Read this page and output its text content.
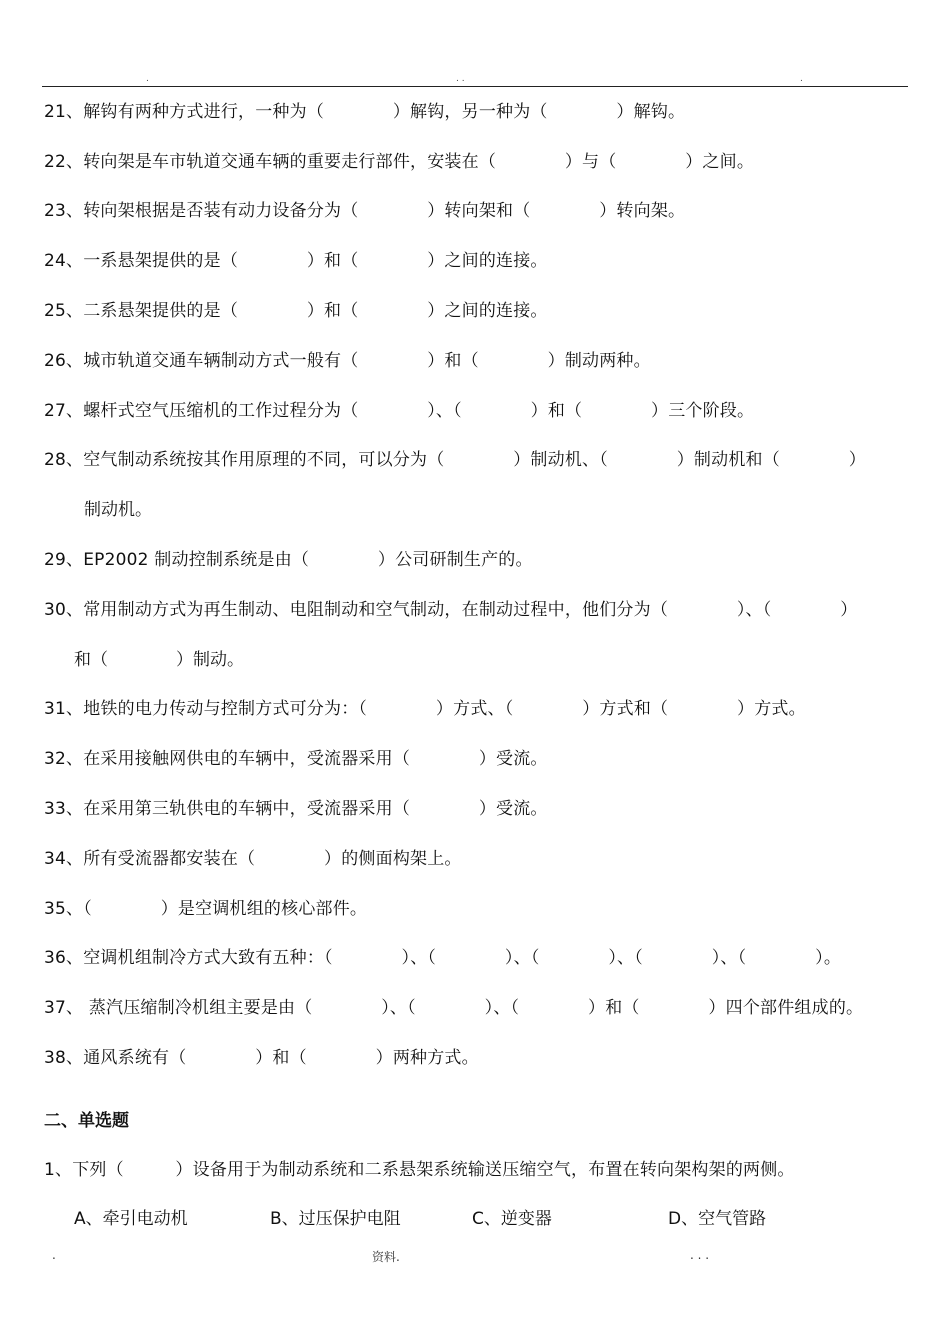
.	. .	.
21、解钩有两种方式进行，一种为（　　　　）解钩，另一种为（　　　　）解钩。
22、转向架是车市轨道交通车辆的重要走行部件，安装在（　　　　）与（　　　　）之间。
23、转向架根据是否装有动力设备分为（　　　　）转向架和（　　　　）转向架。
24、一系悬架提供的是（　　　　）和（　　　　）之间的连接。
25、二系悬架提供的是（　　　　）和（　　　　）之间的连接。
26、城市轨道交通车辆制动方式一般有（　　　　）和（　　　　）制动两种。
27、螺杆式空气压缩机的工作过程分为（　　　　）、（　　　　）和（　　　　）三个阶段。
28、空气制动系统按其作用原理的不同，可以分为（　　　　）制动机、（　　　　）制动机和（　　　　）
制动机。
29、EP2002 制动控制系统是由（　　　　）公司研制生产的。
30、常用制动方式为再生制动、电阻制动和空气制动，在制动过程中，他们分为（　　　　）、（　　　　）
和（　　　　）制动。
31、地铁的电力传动与控制方式可分为：（　　　　）方式、（　　　　）方式和（　　　　）方式。
32、在采用接触网供电的车辆中，受流器采用（　　　　）受流。
33、在采用第三轨供电的车辆中，受流器采用（　　　　）受流。
34、所有受流器都安装在（　　　　）的侧面构架上。
35、（　　　　）是空调机组的核心部件。
36、空调机组制冷方式大致有五种：（　　　　）、（　　　　）、（　　　　）、（　　　　）、（　　　　）。
37、 蒸汽压缩制冷机组主要是由（　　　　）、（　　　　）、（　　　　）和（　　　　）四个部件组成的。
38、通风系统有（　　　　）和（　　　　）两种方式。
二、单选题
1、下列（　　　）设备用于为制动系统和二系悬架系统输送压缩空气，布置在转向架构架的两侧。
A、牵引电动机	B、过压保护电阻	C、逆变器	D、空气管路
.	资料.	. . .
